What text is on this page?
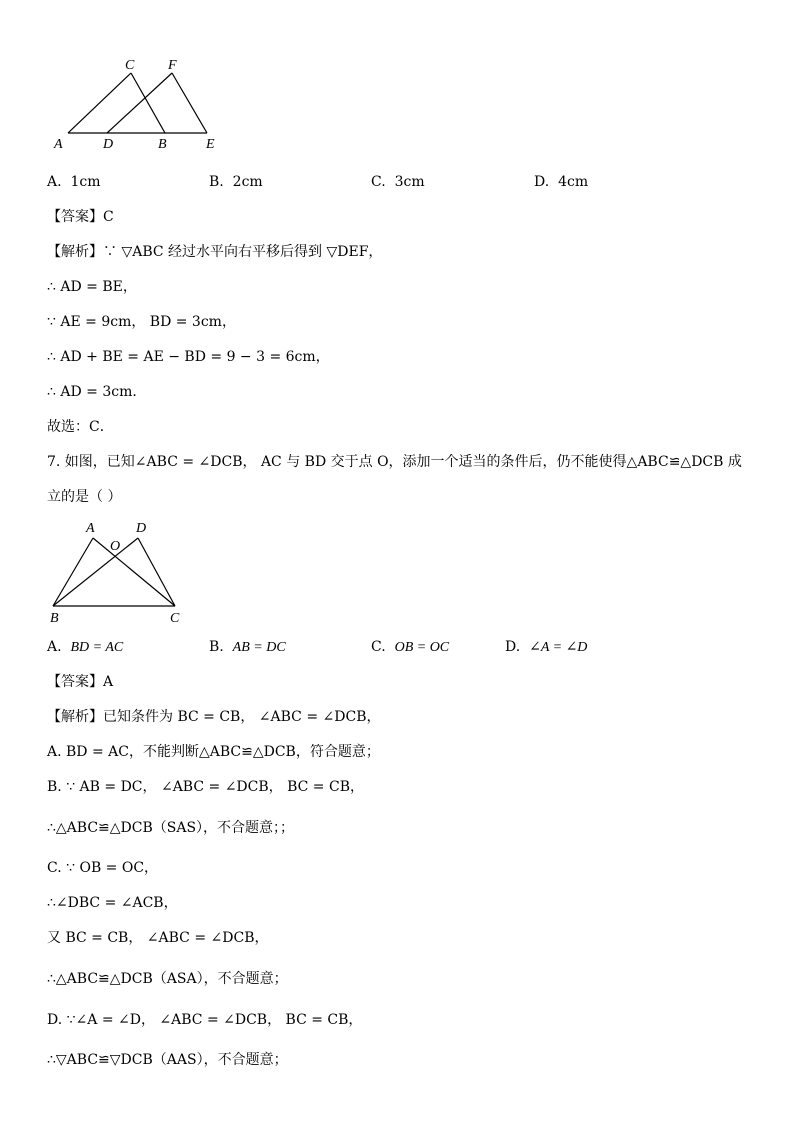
A	D	B	E
C F
A. 1cm	B. 2cm	C. 3cm	D. 4cm
【答案】C
【解析】∵ ▽ABC 经过水平向右平移后得到 ▽DEF，
∴ AD = BE，
∵ AE = 9cm， BD = 3cm，
∴ AD + BE = AE − BD = 9 − 3 = 6cm，
∴ AD = 3cm．
故选：C．
7. 如图，已知∠ABC = ∠DCB， AC 与 BD 交于点 O，添加一个适当的条件后，仍不能使得△ABC≌△DCB 成
立的是（ ）
A	D
O
B	C
A. BD = AC	B. AB = DC	C. OB = OC	D. ∠A = ∠D
【答案】A
【解析】已知条件为 BC = CB， ∠ABC = ∠DCB，
A. BD = AC，不能判断△ABC≌△DCB，符合题意；
B. ∵ AB = DC， ∠ABC = ∠DCB， BC = CB，
∴△ABC≌△DCB（SAS），不合题意；；
C. ∵ OB = OC，
∴∠DBC = ∠ACB，
又 BC = CB， ∠ABC = ∠DCB，
∴△ABC≌△DCB（ASA），不合题意；
D. ∵∠A = ∠D， ∠ABC = ∠DCB， BC = CB，
∴▽ABC≌▽DCB（AAS），不合题意；
